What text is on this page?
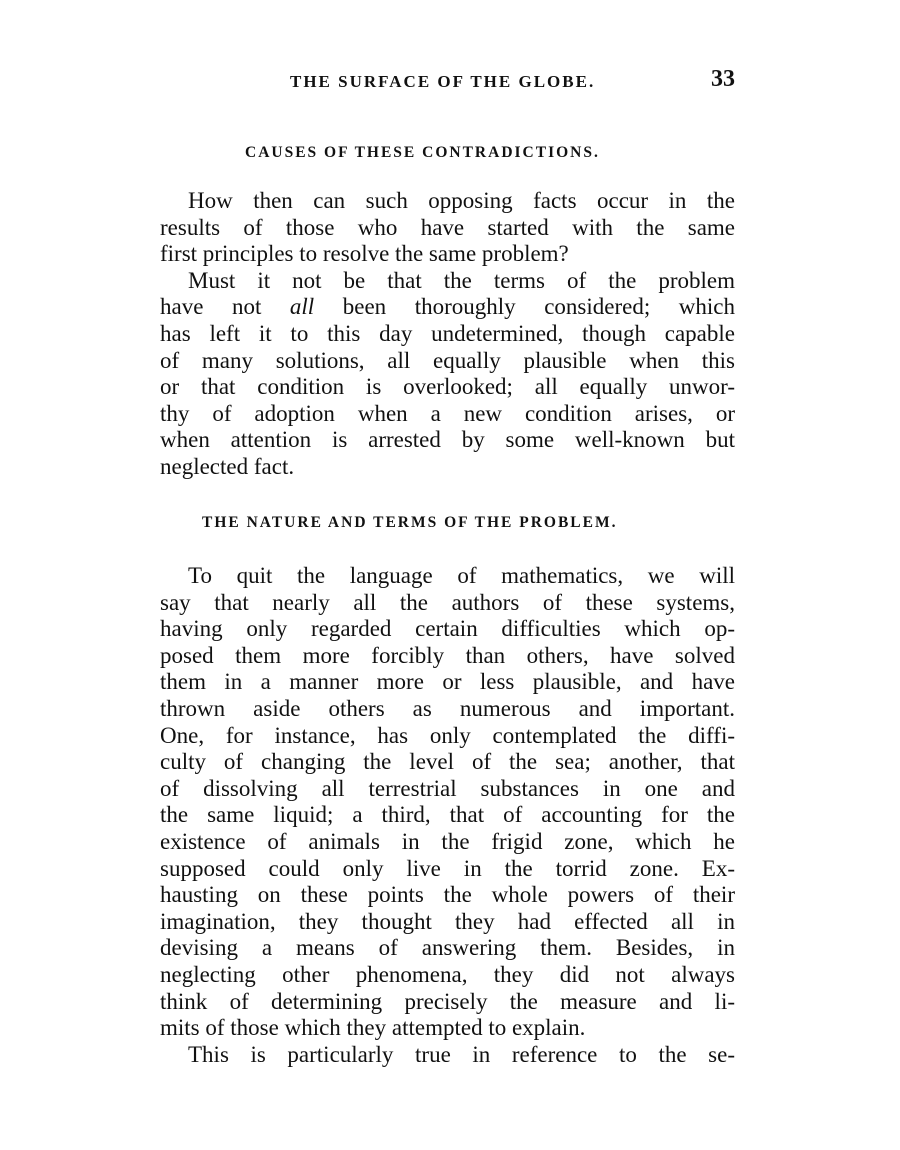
THE SURFACE OF THE GLOBE.	33
CAUSES OF THESE CONTRADICTIONS.
How then can such opposing facts occur in the
results of those who have started with the same
first principles to resolve the same problem?
Must it not be that the terms of the problem
have not all been thoroughly considered; which
has left it to this day undetermined, though capable
of many solutions, all equally plausible when this
or that condition is overlooked; all equally unwor-
thy of adoption when a new condition arises, or
when attention is arrested by some well-known but
neglected fact.
THE NATURE AND TERMS OF THE PROBLEM.
To quit the language of mathematics, we will
say that nearly all the authors of these systems,
having only regarded certain difficulties which op-
posed them more forcibly than others, have solved
them in a manner more or less plausible, and have
thrown aside others as numerous and important.
One, for instance, has only contemplated the diffi-
culty of changing the level of the sea; another, that
of dissolving all terrestrial substances in one and
the same liquid; a third, that of accounting for the
existence of animals in the frigid zone, which he
supposed could only live in the torrid zone. Ex-
hausting on these points the whole powers of their
imagination, they thought they had effected all in
devising a means of answering them. Besides, in
neglecting other phenomena, they did not always
think of determining precisely the measure and li-
mits of those which they attempted to explain.
This is particularly true in reference to the se-
